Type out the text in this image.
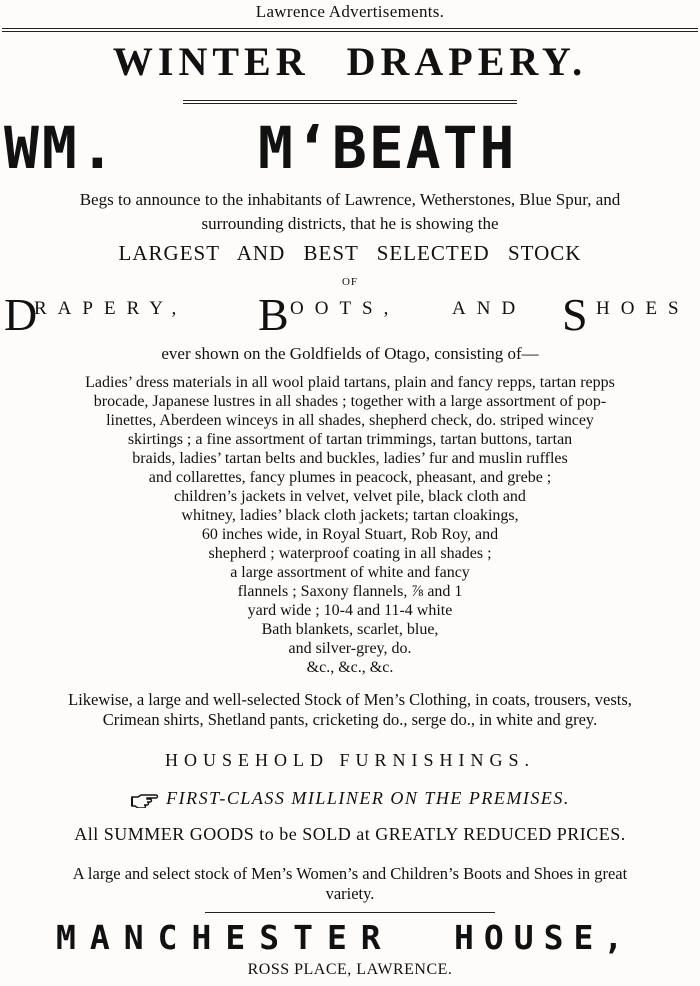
Lawrence Advertisements.
WINTER DRAPERY.
WM. M‘BEATH
Begs to announce to the inhabitants of Lawrence, Wetherstones, Blue Spur, and
surrounding districts, that he is showing the
LARGEST AND BEST SELECTED STOCK
OF
D
RAPERY, B OOTS,	AND S HOES
ever shown on the Goldfields of Otago, consisting of—
Ladies’ dress materials in all wool plaid tartans, plain and fancy repps, tartan repps
brocade, Japanese lustres in all shades ; together with a large assortment of pop-
linettes, Aberdeen winceys in all shades, shepherd check, do. striped wincey
skirtings ; a fine assortment of tartan trimmings, tartan buttons, tartan
braids, ladies’ tartan belts and buckles, ladies’ fur and muslin ruffles
and collarettes, fancy plumes in peacock, pheasant, and grebe ;
children’s jackets in velvet, velvet pile, black cloth and
whitney, ladies’ black cloth jackets; tartan cloakings,
60 inches wide, in Royal Stuart, Rob Roy, and
shepherd ; waterproof coating in all shades ;
a large assortment of white and fancy
flannels ; Saxony flannels, ⅞ and 1
yard wide ; 10-4 and 11-4 white
Bath blankets, scarlet, blue,
and silver-grey, do.
&c., &c., &c.
Likewise, a large and well-selected Stock of Men’s Clothing, in coats, trousers, vests,
Crimean shirts, Shetland pants, cricketing do., serge do., in white and grey.
HOUSEHOLD FURNISHINGS.
FIRST-CLASS MILLINER ON THE PREMISES.
All SUMMER GOODS to be SOLD at GREATLY REDUCED PRICES.
A large and select stock of Men’s Women’s and Children’s Boots and Shoes in great
variety.
MANCHESTER HOUSE,
ROSS PLACE, LAWRENCE.
